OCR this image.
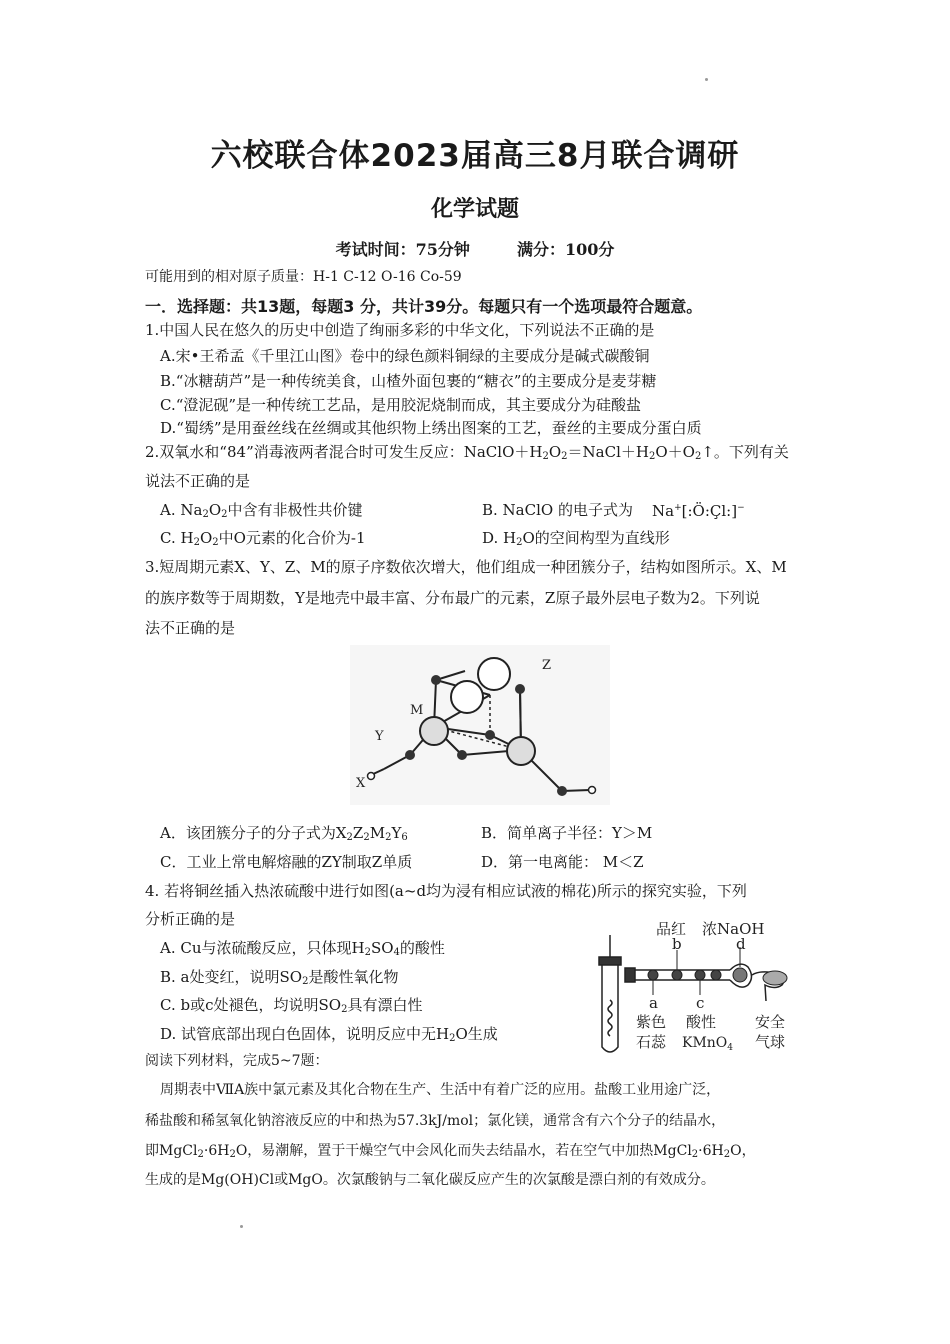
六校联合体2023届高三8月联合调研
化学试题
考试时间：75分钟	满分：100分
可能用到的相对原子质量：H-1 C-12 O-16 Co-59
一．选择题：共13题，每题3 分，共计39分。每题只有一个选项最符合题意。
1.中国人民在悠久的历史中创造了绚丽多彩的中华文化，下列说法不正确的是
A.宋•王希孟《千里江山图》卷中的绿色颜料铜绿的主要成分是碱式碳酸铜
B.“冰糖葫芦”是一种传统美食，山楂外面包裹的“糖衣”的主要成分是麦芽糖
C.“澄泥砚”是一种传统工艺品，是用胶泥烧制而成，其主要成分为硅酸盐
D.“蜀绣”是用蚕丝线在丝绸或其他织物上绣出图案的工艺，蚕丝的主要成分蛋白质
2.双氧水和“84”消毒液两者混合时可发生反应：$NaClO+H_2O_2=NaCl+H_2O+O_2↑$。下列有关
说法不正确的是
A. $Na_2O_2$中含有非极性共价键	B. NaClO 的电子式为 Na+[:Ö:Çl:]−
C. $H_2O_2$中O元素的化合价为-1	D. $H_2O$的空间构型为直线形
3.短周期元素X、Y、Z、M的原子序数依次增大，他们组成一种团簇分子，结构如图所示。X、M
的族序数等于周期数，Y是地壳中最丰富、分布最广的元素，Z原子最外层电子数为2。下列说
法不正确的是
Z
M
Y
X
A．该团簇分子的分子式为$X_2Z_2M_2Y_6$	B．简单离子半径：Y＞M
C．工业上常电解熔融的ZY制取Z单质	D．第一电离能： M＜Z
4. 若将铜丝插入热浓硫酸中进行如图(a~d均为浸有相应试液的棉花)所示的探究实验，下列
分析正确的是
A. Cu与浓硫酸反应，只体现$H_2SO_4$的酸性
B. a处变红，说明$SO_2$是酸性氧化物
C. b或c处褪色，均说明$SO_2$具有漂白性
D. 试管底部出现白色固体，说明反应中无$H_2O$生成
品红 浓NaOH
b	d
a	c
紫色
石蕊
酸性
KMnO$_4$
安全
气球
阅读下列材料，完成5~7题：
周期表中ⅦA族中氯元素及其化合物在生产、生活中有着广泛的应用。盐酸工业用途广泛，
稀盐酸和稀氢氧化钠溶液反应的中和热为57.3kJ/mol；氯化镁，通常含有六个分子的结晶水，
即$MgCl_2\cdot 6H_2O$，易潮解，置于干燥空气中会风化而失去结晶水，若在空气中加热$MgCl_2\cdot 6H_2O$，
生成的是Mg(OH)Cl或MgO。次氯酸钠与二氧化碳反应产生的次氯酸是漂白剂的有效成分。
